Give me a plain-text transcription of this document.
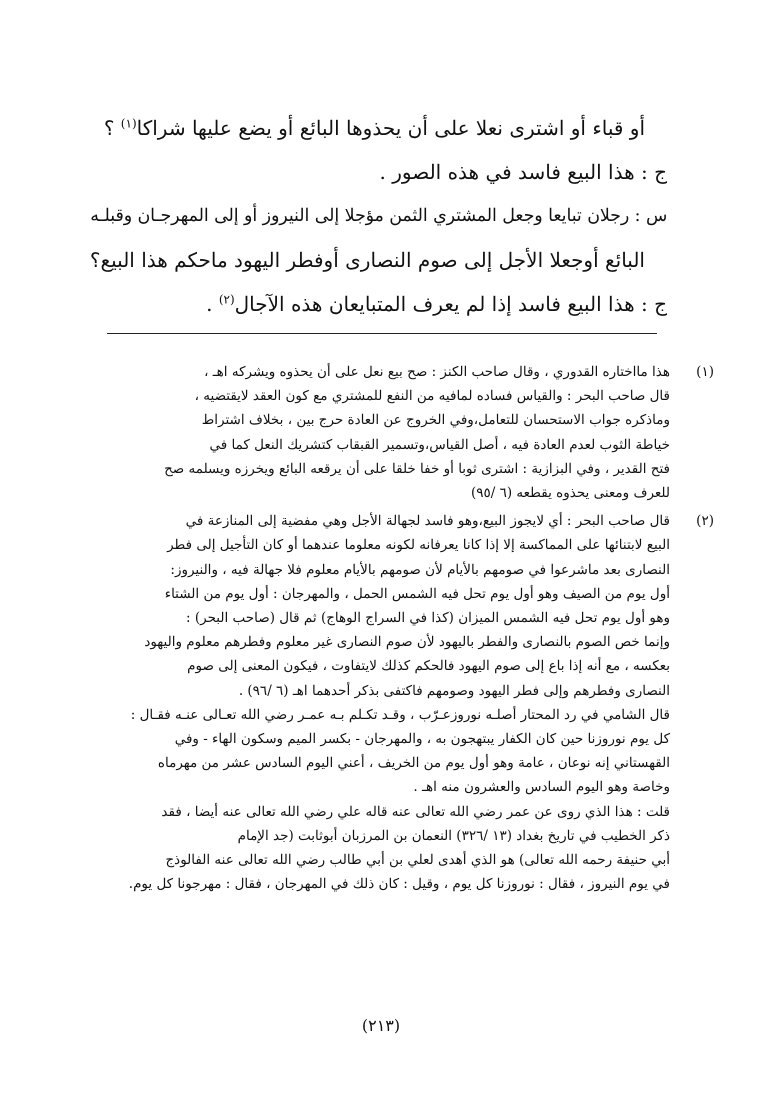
أو قباء أو اشترى نعلا على أن يحذوها البائع أو يضع عليها شراكا$^{(١)}$ ؟

ج : هذا البيع فاسد في هذه الصور .

س : رجلان تبايعا وجعل المشتري الثمن مؤجلا إلى النيروز أو إلى المهرجـان وقبلـه

البائع أوجعلا الأجل إلى صوم النصارى أوفطر اليهود ماحكم هذا البيع؟

ج : هذا البيع فاسد إذا لم يعرف المتبايعان هذه الآجال$^{(٢)}$ .

(١)
هذا مااختاره القدوري ، وقال صاحب الكنز : صح بيع نعل على أن يحذوه ويشركه اهـ ،
قال صاحب البحر : والقياس فساده لمافيه من النفع للمشتري مع كون العقد لايقتضيه ،
وماذكره جواب الاستحسان للتعامل،وفي الخروج عن العادة حرج بين ، بخلاف اشتراط
خياطة الثوب لعدم العادة فيه ، أصل القياس،وتسمير القبقاب كتشريك النعل كما في
فتح القدير ، وفي البزازية : اشترى ثوبا أو خفا خلقا على أن يرقعه البائع ويخرزه ويسلمه صح
للعرف ومعنى يحذوه يقطعه (٦ /٩٥)
(٢)
قال صاحب البحر : أي لايجوز البيع،وهو فاسد لجهالة الأجل وهي مفضية إلى المنازعة في
البيع لابتنائها على المماكسة إلا إذا كانا يعرفانه لكونه معلوما عندهما أو كان التأجيل إلى فطر
النصارى بعد ماشرعوا في صومهم بالأيام لأن صومهم بالأيام معلوم فلا جهالة فيه ، والنيروز:
أول يوم من الصيف وهو أول يوم تحل فيه الشمس الحمل ، والمهرجان : أول يوم من الشتاء
وهو أول يوم تحل فيه الشمس الميزان (كذا في السراج الوهاج) ثم قال (صاحب البحر) :
وإنما خص الصوم بالنصارى والفطر باليهود لأن صوم النصارى غير معلوم وفطرهم معلوم واليهود
بعكسه ، مع أنه إذا باع إلى صوم اليهود فالحكم كذلك لايتفاوت ، فيكون المعنى إلى صوم
النصارى وفطرهم وإلى فطر اليهود وصومهم فاكتفى بذكر أحدهما اهـ (٦ /٩٦) .
قال الشامي في رد المحتار أصلـه نوروزعـرّب ، وقـد تكـلم بـه عمـر رضي الله تعـالى عنـه فقـال :
كل يوم نوروزنا حين كان الكفار يبتهجون به ، والمهرجان - بكسر الميم وسكون الهاء - وفي
القهستاني إنه نوعان ، عامة وهو أول يوم من الخريف ، أعني اليوم السادس عشر من مهرماه
وخاصة وهو اليوم السادس والعشرون منه اهـ .
قلت : هذا الذي روى عن عمر رضي الله تعالى عنه قاله علي رضي الله تعالى عنه أيضا ، فقد
ذكر الخطيب في تاريخ بغداد (١٣ /٣٢٦) النعمان بن المرزبان أبوثابت (جد الإمام
أبي حنيفة رحمه الله تعالى) هو الذي أهدى لعلي بن أبي طالب رضي الله تعالى عنه الفالوذج
في يوم النيروز ، فقال : نوروزنا كل يوم ، وقيل : كان ذلك في المهرجان ، فقال : مهرجونا كل يوم.
(٢١٣)
